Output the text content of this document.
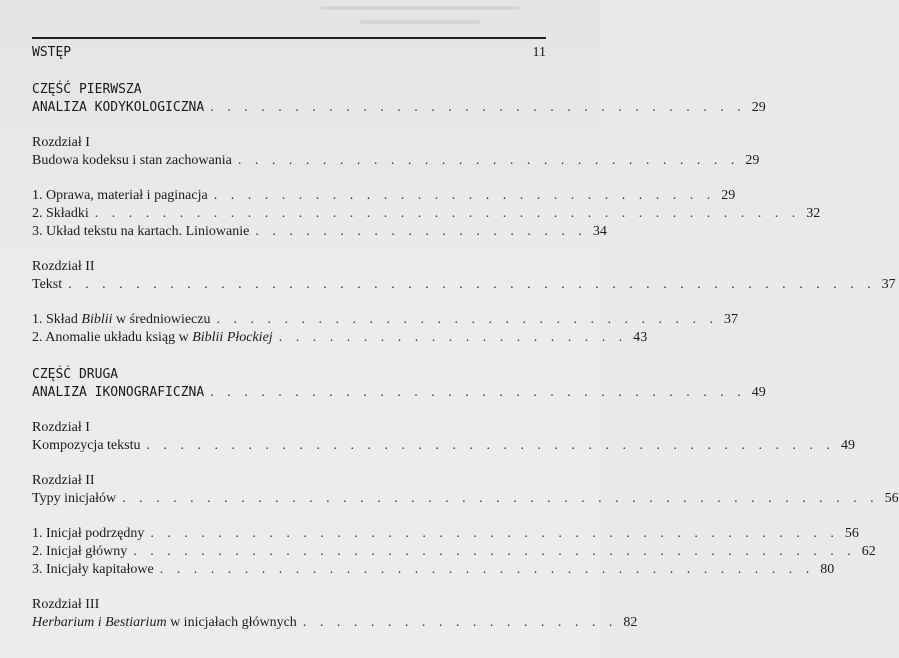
WSTĘP	11
CZĘŚĆ PIERWSZA
ANALIZA KODYKOLOGICZNA . . . . . . . . . . . . . . . . . . . . . . . . . . . . . . . . 29
Rozdział I
Budowa kodeksu i stan zachowania . . . . . . . . . . . . . . . . . . . . . . . . . . . . . . 29
1. Oprawa, materiał i paginacja . . . . . . . . . . . . . . . . . . . . . . . . . . . . . . 29
2. Składki . . . . . . . . . . . . . . . . . . . . . . . . . . . . . . . . . . . . . . . . . . 32
3. Układ tekstu na kartach. Liniowanie . . . . . . . . . . . . . . . . . . . . 34
Rozdział II
Tekst . . . . . . . . . . . . . . . . . . . . . . . . . . . . . . . . . . . . . . . . . . . . . . . . 37
1. Skład Biblii w średniowieczu . . . . . . . . . . . . . . . . . . . . . . . . . . . . . . 37
2. Anomalie układu ksiąg w Biblii Płockiej . . . . . . . . . . . . . . . . . . . . . 43
CZĘŚĆ DRUGA
ANALIZA IKONOGRAFICZNA . . . . . . . . . . . . . . . . . . . . . . . . . . . . . . . . 49
Rozdział I
Kompozycja tekstu . . . . . . . . . . . . . . . . . . . . . . . . . . . . . . . . . . . . . . . . . 49
Rozdział II
Typy inicjałów . . . . . . . . . . . . . . . . . . . . . . . . . . . . . . . . . . . . . . . . . . . . . 56
1. Inicjał podrzędny . . . . . . . . . . . . . . . . . . . . . . . . . . . . . . . . . . . . . . . . . 56
2. Inicjał główny . . . . . . . . . . . . . . . . . . . . . . . . . . . . . . . . . . . . . . . . . . . 62
3. Inicjały kapitałowe . . . . . . . . . . . . . . . . . . . . . . . . . . . . . . . . . . . . . . . 80
Rozdział III
Herbarium i Bestiarium w inicjałach głównych . . . . . . . . . . . . . . . . . . . 82
